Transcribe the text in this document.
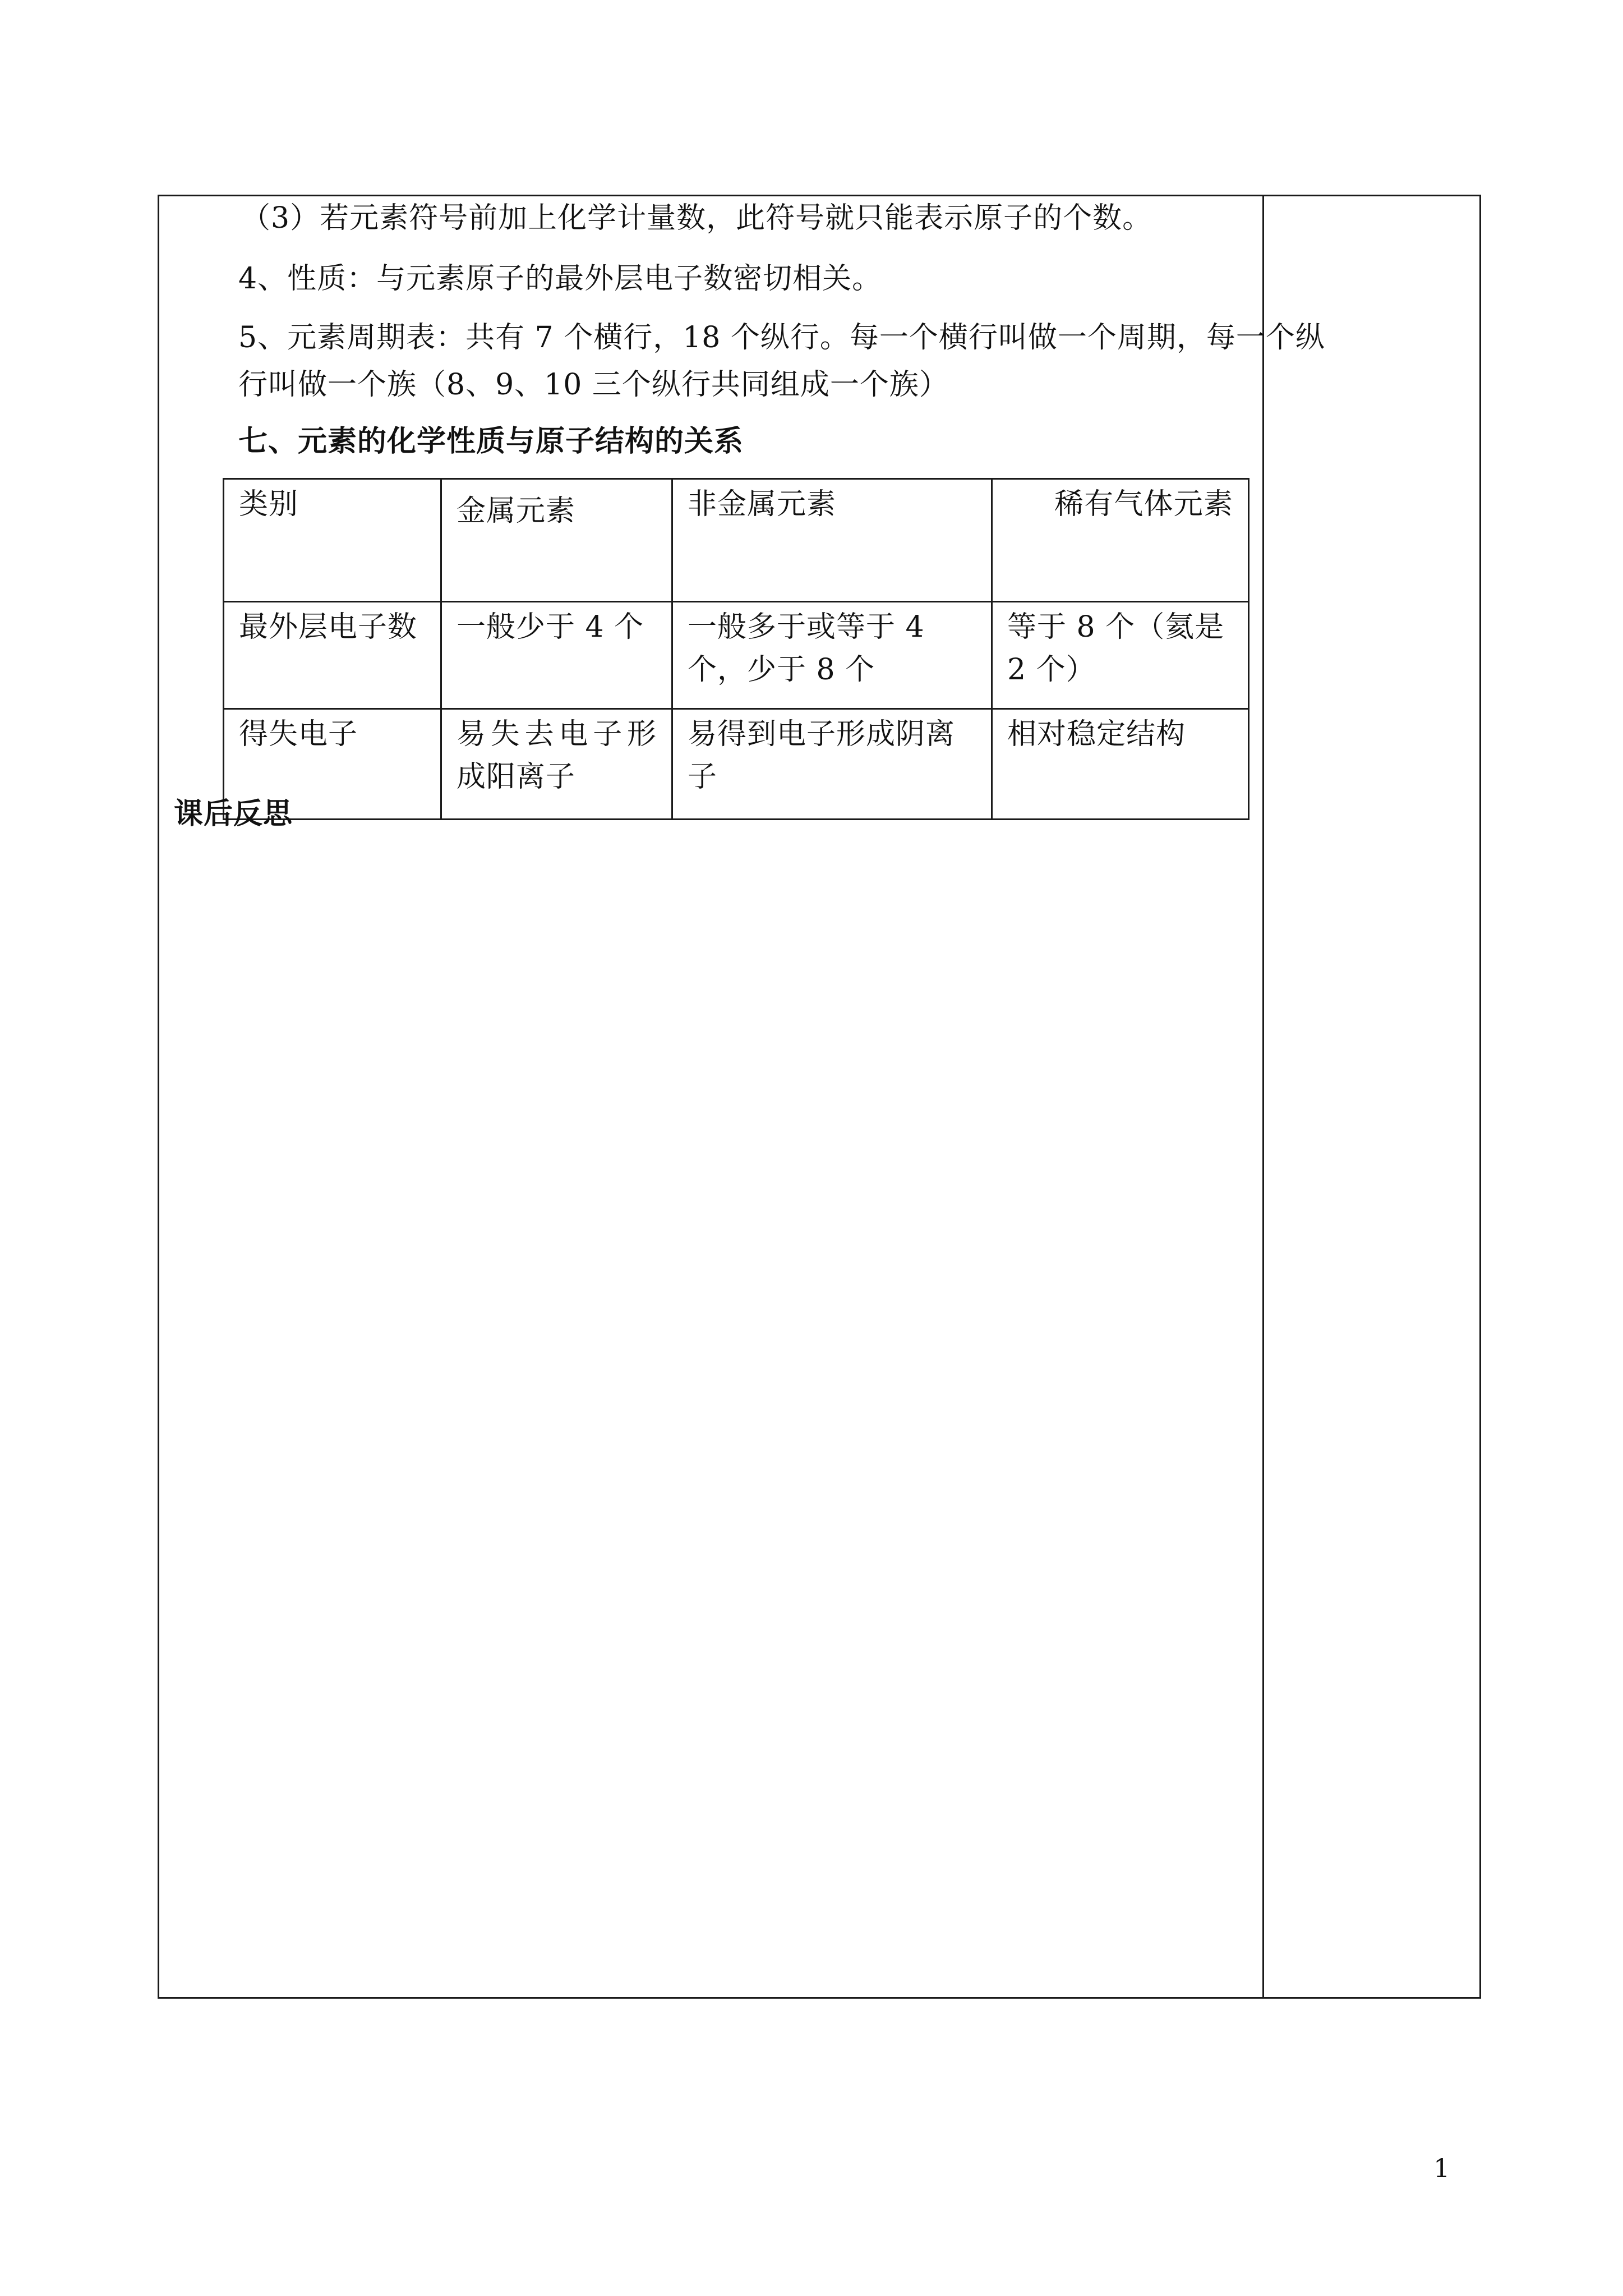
（3）若元素符号前加上化学计量数，此符号就只能表示原子的个数。
4、性质：与元素原子的最外层电子数密切相关。
5、元素周期表：共有 7 个横行，18 个纵行。每一个横行叫做一个周期，每一个纵行叫做一个族（8、9、10 三个纵行共同组成一个族）
七、元素的化学性质与原子结构的关系
类别	金属元素	非金属元素	稀有气体元素
最外层电子数	一般少于 4 个	一般多于或等于 4 个，少于 8 个	等于 8 个（氦是 2 个）
得失电子	易失去电子形成阳离子	易得到电子形成阴离子	相对稳定结构
课后反思
1
